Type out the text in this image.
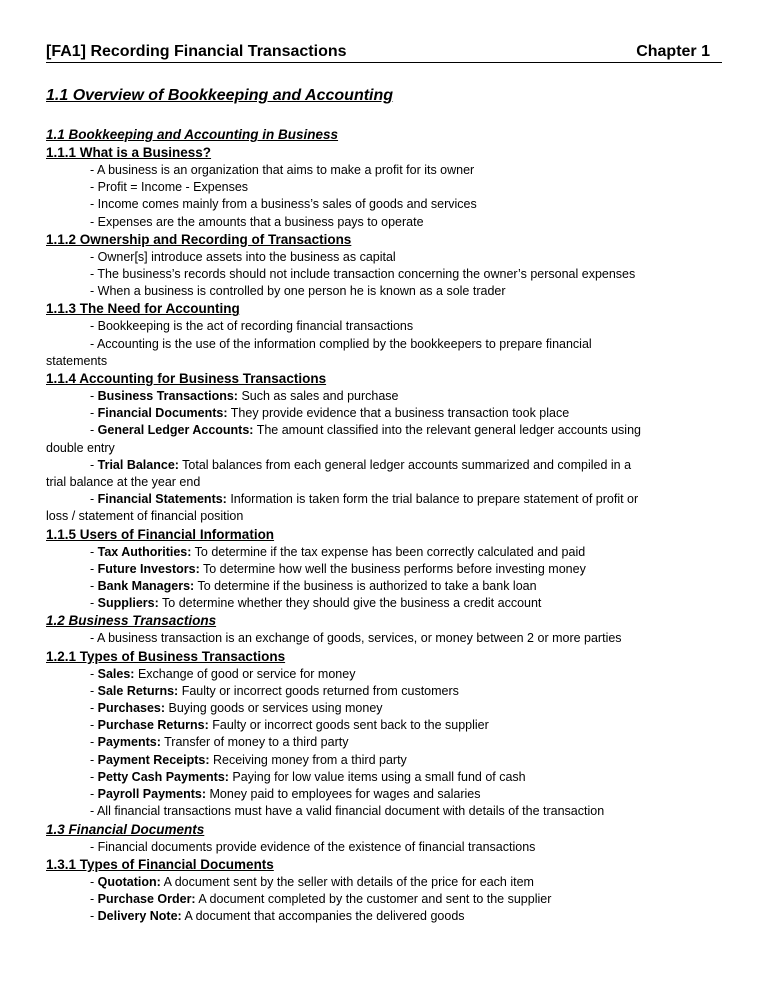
[FA1] Recording Financial Transactions	Chapter 1
1.1 Overview of Bookkeeping and Accounting
1.1 Bookkeeping and Accounting in Business
1.1.1 What is a Business?
- A business is an organization that aims to make a profit for its owner
- Profit = Income - Expenses
- Income comes mainly from a business’s sales of goods and services
- Expenses are the amounts that a business pays to operate
1.1.2 Ownership and Recording of Transactions
- Owner[s] introduce assets into the business as capital
- The business’s records should not include transaction concerning the owner’s personal expenses
- When a business is controlled by one person he is known as a sole trader
1.1.3 The Need for Accounting
- Bookkeeping is the act of recording financial transactions
- Accounting is the use of the information complied by the bookkeepers to prepare financial
statements
1.1.4 Accounting for Business Transactions
- Business Transactions: Such as sales and purchase
- Financial Documents: They provide evidence that a business transaction took place
- General Ledger Accounts: The amount classified into the relevant general ledger accounts using
double entry
- Trial Balance: Total balances from each general ledger accounts summarized and compiled in a
trial balance at the year end
- Financial Statements: Information is taken form the trial balance to prepare statement of profit or
loss / statement of financial position
1.1.5 Users of Financial Information
- Tax Authorities: To determine if the tax expense has been correctly calculated and paid
- Future Investors: To determine how well the business performs before investing money
- Bank Managers: To determine if the business is authorized to take a bank loan
- Suppliers: To determine whether they should give the business a credit account
1.2 Business Transactions
- A business transaction is an exchange of goods, services, or money between 2 or more parties
1.2.1 Types of Business Transactions
- Sales: Exchange of good or service for money
- Sale Returns: Faulty or incorrect goods returned from customers
- Purchases: Buying goods or services using money
- Purchase Returns: Faulty or incorrect goods sent back to the supplier
- Payments: Transfer of money to a third party
- Payment Receipts: Receiving money from a third party
- Petty Cash Payments: Paying for low value items using a small fund of cash
- Payroll Payments: Money paid to employees for wages and salaries
- All financial transactions must have a valid financial document with details of the transaction
1.3 Financial Documents
- Financial documents provide evidence of the existence of financial transactions
1.3.1 Types of Financial Documents
- Quotation: A document sent by the seller with details of the price for each item
- Purchase Order: A document completed by the customer and sent to the supplier
- Delivery Note: A document that accompanies the delivered goods
